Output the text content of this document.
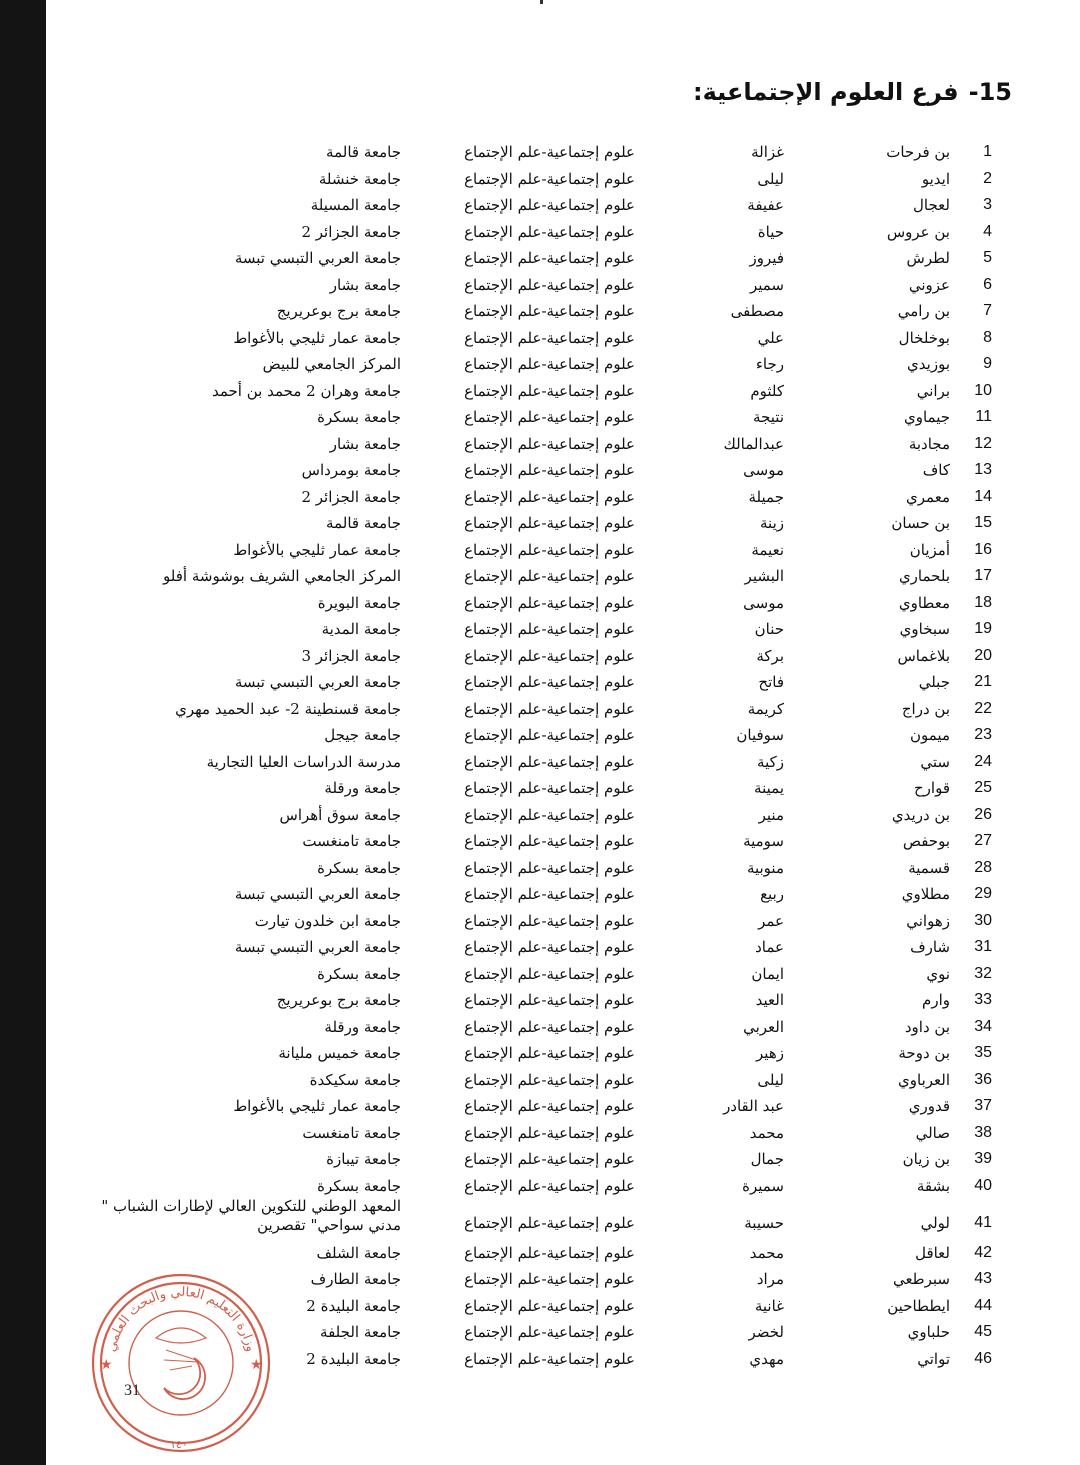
15-فرع العلوم الإجتماعية:
1
بن فرحات
غزالة
علوم إجتماعية-علم الإجتماع
جامعة قالمة
2
ايديو
ليلى
علوم إجتماعية-علم الإجتماع
جامعة خنشلة
3
لعجال
عفيفة
علوم إجتماعية-علم الإجتماع
جامعة المسيلة
4
بن عروس
حياة
علوم إجتماعية-علم الإجتماع
جامعة الجزائر 2
5
لطرش
فيروز
علوم إجتماعية-علم الإجتماع
جامعة العربي التبسي تبسة
6
عزوني
سمير
علوم إجتماعية-علم الإجتماع
جامعة بشار
7
بن رامي
مصطفى
علوم إجتماعية-علم الإجتماع
جامعة برج بوعريريج
8
بوخلخال
علي
علوم إجتماعية-علم الإجتماع
جامعة عمار ثليجي بالأغواط
9
بوزيدي
رجاء
علوم إجتماعية-علم الإجتماع
المركز الجامعي للبيض
10
براني
كلثوم
علوم إجتماعية-علم الإجتماع
جامعة وهران 2 محمد بن أحمد
11
جيماوي
نتيجة
علوم إجتماعية-علم الإجتماع
جامعة بسكرة
12
مجادبة
عبدالمالك
علوم إجتماعية-علم الإجتماع
جامعة بشار
13
كاف
موسى
علوم إجتماعية-علم الإجتماع
جامعة بومرداس
14
معمري
جميلة
علوم إجتماعية-علم الإجتماع
جامعة الجزائر 2
15
بن حسان
زينة
علوم إجتماعية-علم الإجتماع
جامعة قالمة
16
أمزيان
نعيمة
علوم إجتماعية-علم الإجتماع
جامعة عمار ثليجي بالأغواط
17
بلحماري
البشير
علوم إجتماعية-علم الإجتماع
المركز الجامعي الشريف بوشوشة أفلو
18
معطاوي
موسى
علوم إجتماعية-علم الإجتماع
جامعة البويرة
19
سبخاوي
حنان
علوم إجتماعية-علم الإجتماع
جامعة المدية
20
بلاغماس
بركة
علوم إجتماعية-علم الإجتماع
جامعة الجزائر 3
21
جبلي
فاتح
علوم إجتماعية-علم الإجتماع
جامعة العربي التبسي تبسة
22
بن دراج
كريمة
علوم إجتماعية-علم الإجتماع
جامعة قسنطينة 2- عبد الحميد مهري
23
ميمون
سوفيان
علوم إجتماعية-علم الإجتماع
جامعة جيجل
24
ستي
زكية
علوم إجتماعية-علم الإجتماع
مدرسة الدراسات العليا التجارية
25
قوارح
يمينة
علوم إجتماعية-علم الإجتماع
جامعة ورقلة
26
بن دريدي
منير
علوم إجتماعية-علم الإجتماع
جامعة سوق أهراس
27
بوحفص
سومية
علوم إجتماعية-علم الإجتماع
جامعة تامنغست
28
قسمية
منوبية
علوم إجتماعية-علم الإجتماع
جامعة بسكرة
29
مطلاوي
ربيع
علوم إجتماعية-علم الإجتماع
جامعة العربي التبسي تبسة
30
زهواني
عمر
علوم إجتماعية-علم الإجتماع
جامعة ابن خلدون تيارت
31
شارف
عماد
علوم إجتماعية-علم الإجتماع
جامعة العربي التبسي تبسة
32
نوي
ايمان
علوم إجتماعية-علم الإجتماع
جامعة بسكرة
33
وارم
العيد
علوم إجتماعية-علم الإجتماع
جامعة برج بوعريريج
34
بن داود
العربي
علوم إجتماعية-علم الإجتماع
جامعة ورقلة
35
بن دوحة
زهير
علوم إجتماعية-علم الإجتماع
جامعة خميس مليانة
36
العرباوي
ليلى
علوم إجتماعية-علم الإجتماع
جامعة سكيكدة
37
قدوري
عبد القادر
علوم إجتماعية-علم الإجتماع
جامعة عمار ثليجي بالأغواط
38
صالي
محمد
علوم إجتماعية-علم الإجتماع
جامعة تامنغست
39
بن زيان
جمال
علوم إجتماعية-علم الإجتماع
جامعة تيبازة
40
بشقة
سميرة
علوم إجتماعية-علم الإجتماع
جامعة بسكرة
41
لولي
حسيبة
علوم إجتماعية-علم الإجتماع
المعهد الوطني للتكوين العالي لإطارات الشباب " مدني سواحي" تقصرين
42
لعاقل
محمد
علوم إجتماعية-علم الإجتماع
جامعة الشلف
43
سبرطعي
مراد
علوم إجتماعية-علم الإجتماع
جامعة الطارف
44
ايططاحين
غانية
علوم إجتماعية-علم الإجتماع
جامعة البليدة 2
45
حلباوي
لخضر
علوم إجتماعية-علم الإجتماع
جامعة الجلفة
46
تواتي
مهدي
علوم إجتماعية-علم الإجتماع
جامعة البليدة 2
وزارة التعليم العالي والبحث العلمي
★	★
١٤٠
31
